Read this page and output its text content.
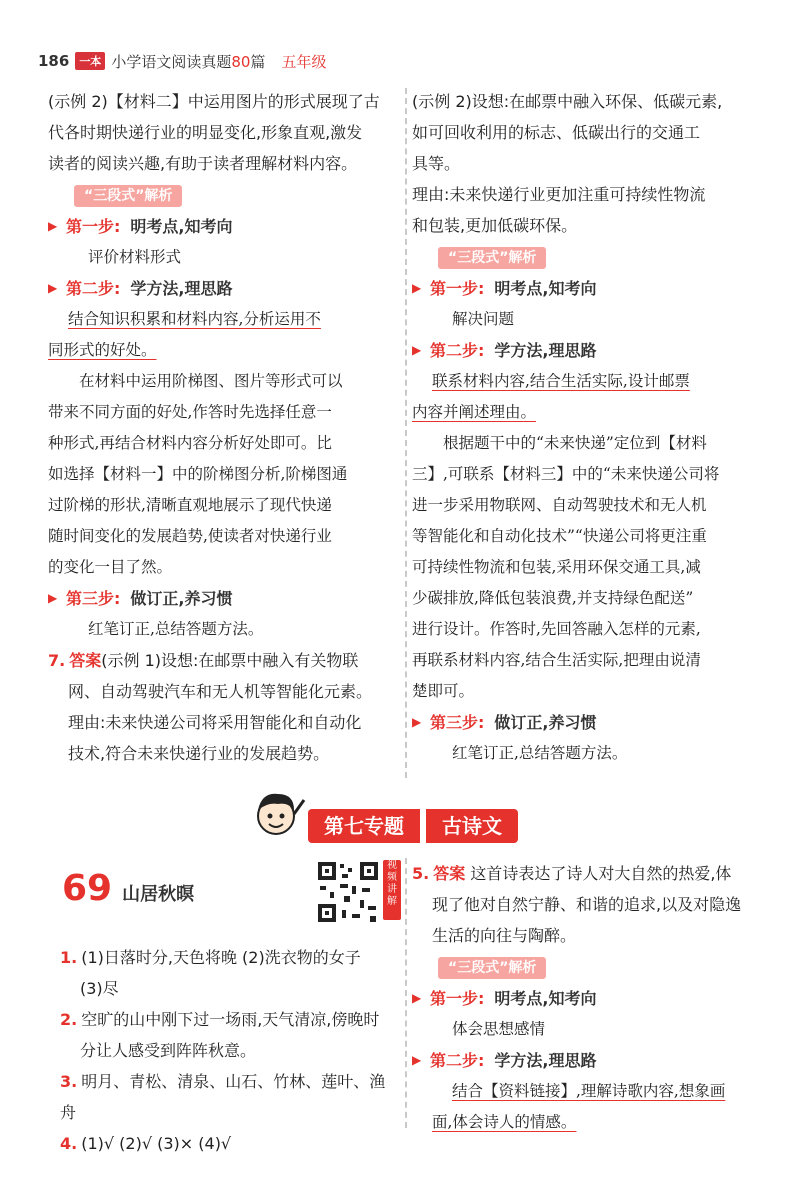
186 一本 小学语文阅读真题80篇 五年级

(示例 2)【材料二】中运用图片的形式展现了古

代各时期快递行业的明显变化,形象直观,激发

读者的阅读兴趣,有助于读者理解材料内容。

“三段式”解析
▶ 第一步: 明考点,知考向

评价材料形式

▶ 第二步: 学方法,理思路

结合知识积累和材料内容,分析运用不

同形式的好处。

在材料中运用阶梯图、图片等形式可以

带来不同方面的好处,作答时先选择任意一

种形式,再结合材料内容分析好处即可。比

如选择【材料一】中的阶梯图分析,阶梯图通

过阶梯的形状,清晰直观地展示了现代快递

随时间变化的发展趋势,使读者对快递行业

的变化一目了然。

▶ 第三步: 做订正,养习惯

红笔订正,总结答题方法。

7. 答案(示例 1)设想:在邮票中融入有关物联

网、自动驾驶汽车和无人机等智能化元素。

理由:未来快递公司将采用智能化和自动化

技术,符合未来快递行业的发展趋势。

(示例 2)设想:在邮票中融入环保、低碳元素,

如可回收利用的标志、低碳出行的交通工

具等。

理由:未来快递行业更加注重可持续性物流

和包装,更加低碳环保。

“三段式”解析
▶ 第一步: 明考点,知考向

解决问题

▶ 第二步: 学方法,理思路

联系材料内容,结合生活实际,设计邮票

内容并阐述理由。

根据题干中的“未来快递”定位到【材料

三】,可联系【材料三】中的“未来快递公司将

进一步采用物联网、自动驾驶技术和无人机

等智能化和自动化技术”“快递公司将更注重

可持续性物流和包装,采用环保交通工具,减

少碳排放,降低包装浪费,并支持绿色配送”

进行设计。作答时,先回答融入怎样的元素,

再联系材料内容,结合生活实际,把理由说清

楚即可。

▶ 第三步: 做订正,养习惯

红笔订正,总结答题方法。

第七专题	古诗文
69 山居秋暝
视频讲解

1. (1)日落时分,天色将晚 (2)洗衣物的女子

(3)尽

2. 空旷的山中刚下过一场雨,天气清凉,傍晚时

分让人感受到阵阵秋意。

3. 明月、青松、清泉、山石、竹林、莲叶、渔舟

4. (1)√ (2)√ (3)× (4)√

5. 答案 这首诗表达了诗人对大自然的热爱,体

现了他对自然宁静、和谐的追求,以及对隐逸

生活的向往与陶醉。

“三段式”解析
▶ 第一步: 明考点,知考向

体会思想感情

▶ 第二步: 学方法,理思路

结合【资料链接】,理解诗歌内容,想象画

面,体会诗人的情感。
